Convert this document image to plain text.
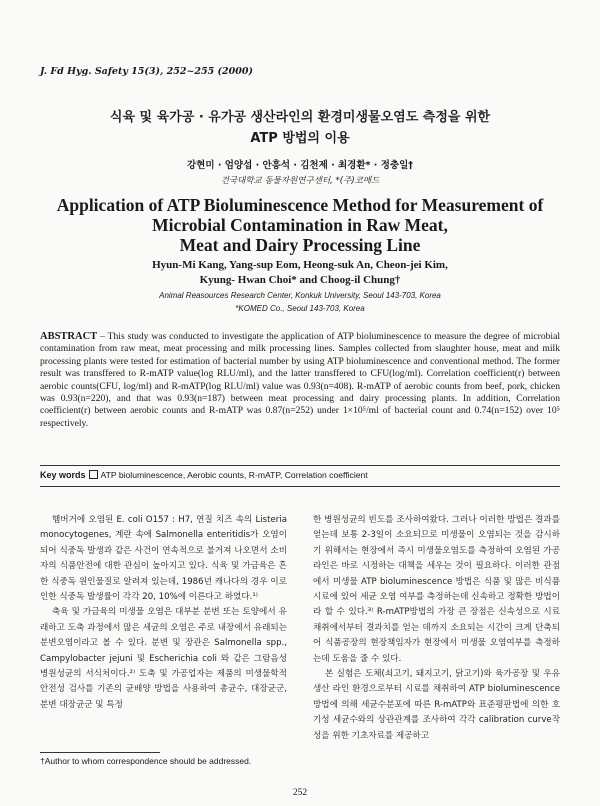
J. Fd Hyg. Safety 15(3), 252~255 (2000)
식육 및 육가공 · 유가공 생산라인의 환경미생물오염도 측정을 위한
ATP 방법의 이용
강현미 · 엄양섭 · 안흥석 · 김천제 · 최경환* · 정충일†
건국대학교 동물자원연구센터, *(주)코메드
Application of ATP Bioluminescence Method for Measurement of
Microbial Contamination in Raw Meat,
Meat and Dairy Processing Line
Hyun-Mi Kang, Yang-sup Eom, Heong-suk An, Cheon-jei Kim,
Kyung- Hwan Choi* and Choog-il Chung†
Animal Reasources Research Center, Konkuk University, Seoul 143-703, Korea
*KOMED Co., Seoul 143-703, Korea
ABSTRACT – This study was conducted to investigate the application of ATP bioluminescence to measure the degree of microbial contamination from raw meat, meat processing and milk processing lines. Samples collected from slaughter house, meat and milk processing plants were tested for estimation of bacterial number by using ATP bioluminescence and conventional method. The former result was transffered to R-mATP value(log RLU/ml), and the latter transffered to CFU(log/ml). Correlation coefficient(r) between aerobic counts(CFU, log/ml) and R-mATP(log RLU/ml) value was 0.93(n=408). R-mATP of aerobic counts from beef, pork, chicken was 0.93(n=220), and that was 0.93(n=187) between meat processing and dairy processing plants. In addition, Correlation coefficient(r) between aerobic counts and R-mATP was 0.87(n=252) under 1×10⁵/ml of bacterial count and 0.74(n=152) over 10⁵ respectively.
Key words ATP bioluminescence, Aerobic counts, R-mATP, Correlation coefficient

햄버거에 오염된 E. coli O157 : H7, 연질 치즈 속의 Listeria monocytogenes, 계란 속에 Salmonella enteritidis가 오염이 되어 식중독 발생과 같은 사건이 연속적으로 불거져 나오면서 소비자의 식품안전에 대한 관심이 높아지고 있다. 식육 및 가금육은 흔한 식중독 원인물질로 알려져 있는데, 1986년 캐나다의 경우 이로 인한 식중독 발생률이 각각 20, 10%에 이른다고 하였다.¹⁾

축육 및 가금육의 미생물 오염은 대부분 분변 또는 토양에서 유래하고 도축 과정에서 많은 세균의 오염은 주로 내장에서 유래되는 분변오염이라고 볼 수 있다. 분변 및 장관은 Salmonella spp., Campylobacter jejuni 및 Escherichia coli 와 같은 그람음성 병원성균의 서식처이다.²⁾ 도축 및 가공업자는 제품의 미생물학적 안전성 검사를 기존의 균배양 방법을 사용하여 총균수, 대장균군, 분변 대장균군 및 특정

한 병원성균의 빈도를 조사하여왔다. 그러나 이러한 방법은 결과를 얻는데 보통 2-3일이 소요되므로 미생물이 오염되는 것을 감시하기 위해서는 현장에서 즉시 미생물오염도를 측정하여 오염된 가공 라인은 바로 시정하는 대책을 세우는 것이 필요하다. 이러한 관점에서 미생물 ATP bioluminescence 방법은 식품 및 많은 비식품 시료에 있어 세균 오염 여부를 측정하는데 신속하고 정확한 방법이라 할 수 있다.³⁾ R-mATP방법의 가장 큰 장점은 신속성으로 시료채취에서부터 결과치를 얻는 데까지 소요되는 시간이 크게 단축되어 식품공장의 현장책임자가 현장에서 미생물 오염여부를 측정하는데 도움을 줄 수 있다.

본 실험은 도체(쇠고기, 돼지고기, 닭고기)와 육가공장 및 우유 생산 라인 환경으로부터 시료를 채취하여 ATP bioluminescence방법에 의해 세균수분포에 따른 R-mATP와 표준평판법에 의한 호기성 세균수와의 상관관계를 조사하여 각각 calibration curve작성을 위한 기초자료를 제공하고

†Author to whom correspondence should be addressed.
252
